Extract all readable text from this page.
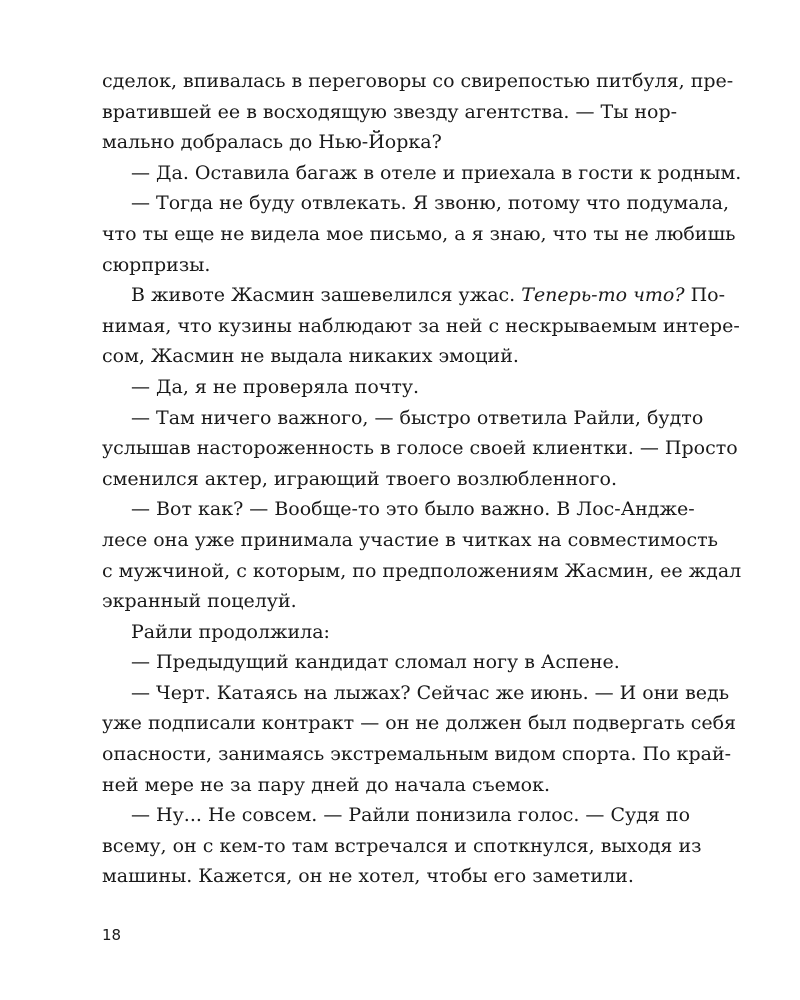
сделок, впивалась в переговоры со свирепостью питбуля, пре-
вратившей ее в восходящую звезду агентства. — Ты нор-
мально добралась до Нью-Йорка?
— Да. Оставила багаж в отеле и приехала в гости к родным.
— Тогда не буду отвлекать. Я звоню, потому что подумала,
что ты еще не видела мое письмо, а я знаю, что ты не любишь
сюрпризы.
В животе Жасмин зашевелился ужас. Теперь-то что? По-
нимая, что кузины наблюдают за ней с нескрываемым интере-
сом, Жасмин не выдала никаких эмоций.
— Да, я не проверяла почту.
— Там ничего важного, — быстро ответила Райли, будто
услышав настороженность в голосе своей клиентки. — Просто
сменился актер, играющий твоего возлюбленного.
— Вот как? — Вообще-то это было важно. В Лос-Андже-
лесе она уже принимала участие в читках на совместимость
с мужчиной, с которым, по предположениям Жасмин, ее ждал
экранный поцелуй.
Райли продолжила:
— Предыдущий кандидат сломал ногу в Аспене.
— Черт. Катаясь на лыжах? Сейчас же июнь. — И они ведь
уже подписали контракт — он не должен был подвергать себя
опасности, занимаясь экстремальным видом спорта. По край-
ней мере не за пару дней до начала съемок.
— Ну... Не совсем. — Райли понизила голос. — Судя по
всему, он с кем-то там встречался и споткнулся, выходя из
машины. Кажется, он не хотел, чтобы его заметили.
18
